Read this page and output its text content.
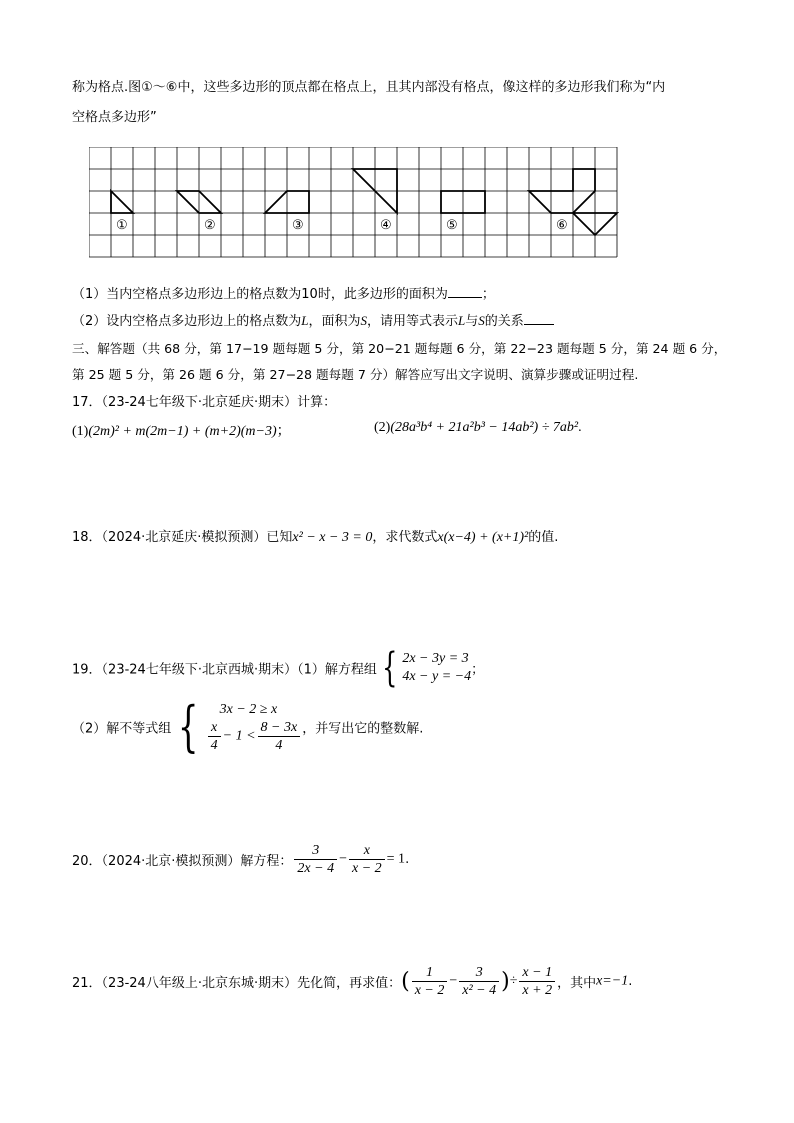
称为格点.图①～⑥中，这些多边形的顶点都在格点上，且其内部没有格点，像这样的多边形我们称为“内
空格点多边形”
①	②	③	④	⑤	⑥
（1）当内空格点多边形边上的格点数为10时，此多边形的面积为	；
（2）设内空格点多边形边上的格点数为L，面积为S，请用等式表示L与S的关系
三、解答题（共 68 分，第 17−19 题每题 5 分，第 20−21 题每题 6 分，第 22−23 题每题 5 分，第 24 题 6 分，
第 25 题 5 分，第 26 题 6 分，第 27−28 题每题 7 分）解答应写出文字说明、演算步骤或证明过程.
17．（23-24七年级下·北京延庆·期末）计算：
(1)(2m)² + m(2m−1) + (m+2)(m−3)；	(2)(28a³b⁴ + 21a²b³ − 14ab²) ÷ 7ab².
18．（2024·北京延庆·模拟预测）已知x² − x − 3 = 0，求代数式x(x−4) + (x+1)²的值.
19．（23-24七年级下·北京西城·期末）（1）解方程组 { 2x − 3y = 3
4x − y = −4 ；
（2）解不等式组 {	3x − 2 ≥ x
$\frac{x}{4} - 1 < \frac{8 - 3x}{4}$ ，并写出它的整数解.
20．（2024·北京·模拟预测）解方程： $\frac{3}{2x - 4} - \frac{x}{x - 2} = 1$.
21．（23-24八年级上·北京东城·期末）先化简，再求值：( $\frac{1}{x - 2} - \frac{3}{\text{x² − 4}}$ )÷ $\frac{x - 1}{x + 2}$ ，其中x=−1.
